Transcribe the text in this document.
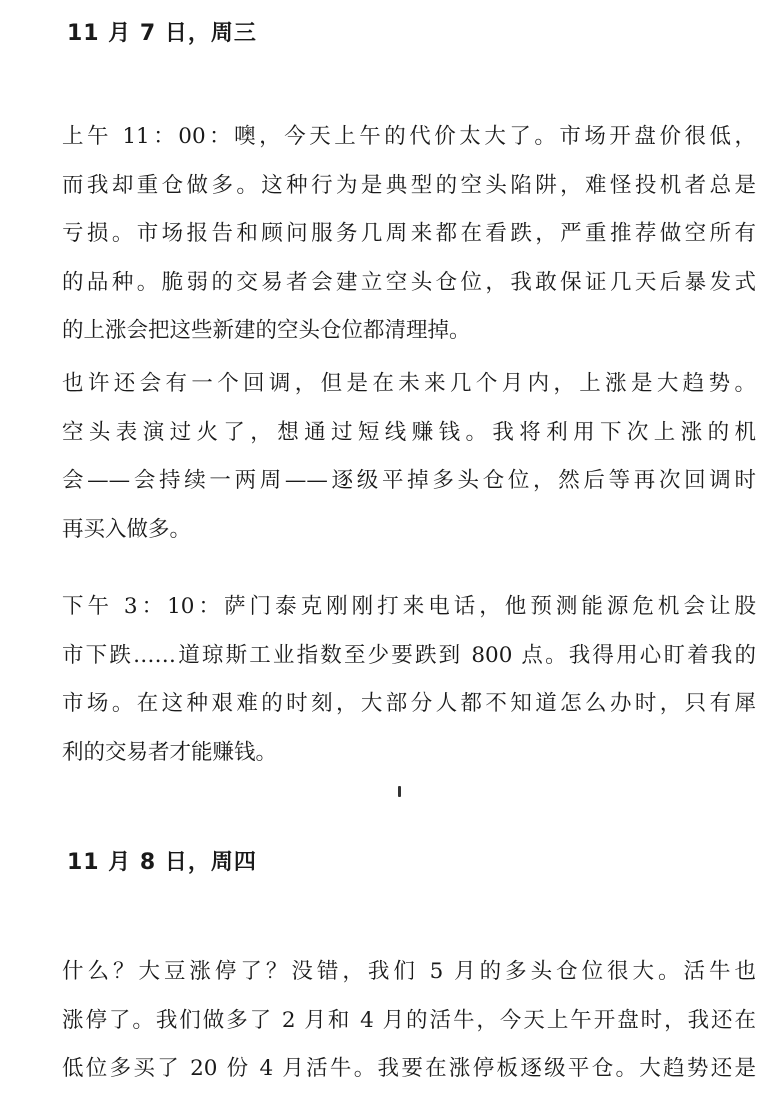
11 月 7 日，周三
上午 11：00：噢，今天上午的代价太大了。市场开盘价很低，
而我却重仓做多。这种行为是典型的空头陷阱，难怪投机者总是
亏损。市场报告和顾问服务几周来都在看跌，严重推荐做空所有
的品种。脆弱的交易者会建立空头仓位，我敢保证几天后暴发式
的上涨会把这些新建的空头仓位都清理掉。
也许还会有一个回调，但是在未来几个月内，上涨是大趋势。
空头表演过火了，想通过短线赚钱。我将利用下次上涨的机
会——会持续一两周——逐级平掉多头仓位，然后等再次回调时
再买入做多。
下午 3：10：萨门泰克刚刚打来电话，他预测能源危机会让股
市下跌……道琼斯工业指数至少要跌到 800 点。我得用心盯着我的
市场。在这种艰难的时刻，大部分人都不知道怎么办时，只有犀
利的交易者才能赚钱。
11 月 8 日，周四
什么？大豆涨停了？没错，我们 5 月的多头仓位很大。活牛也
涨停了。我们做多了 2 月和 4 月的活牛，今天上午开盘时，我还在
低位多买了 20 份 4 月活牛。我要在涨停板逐级平仓。大趋势还是
